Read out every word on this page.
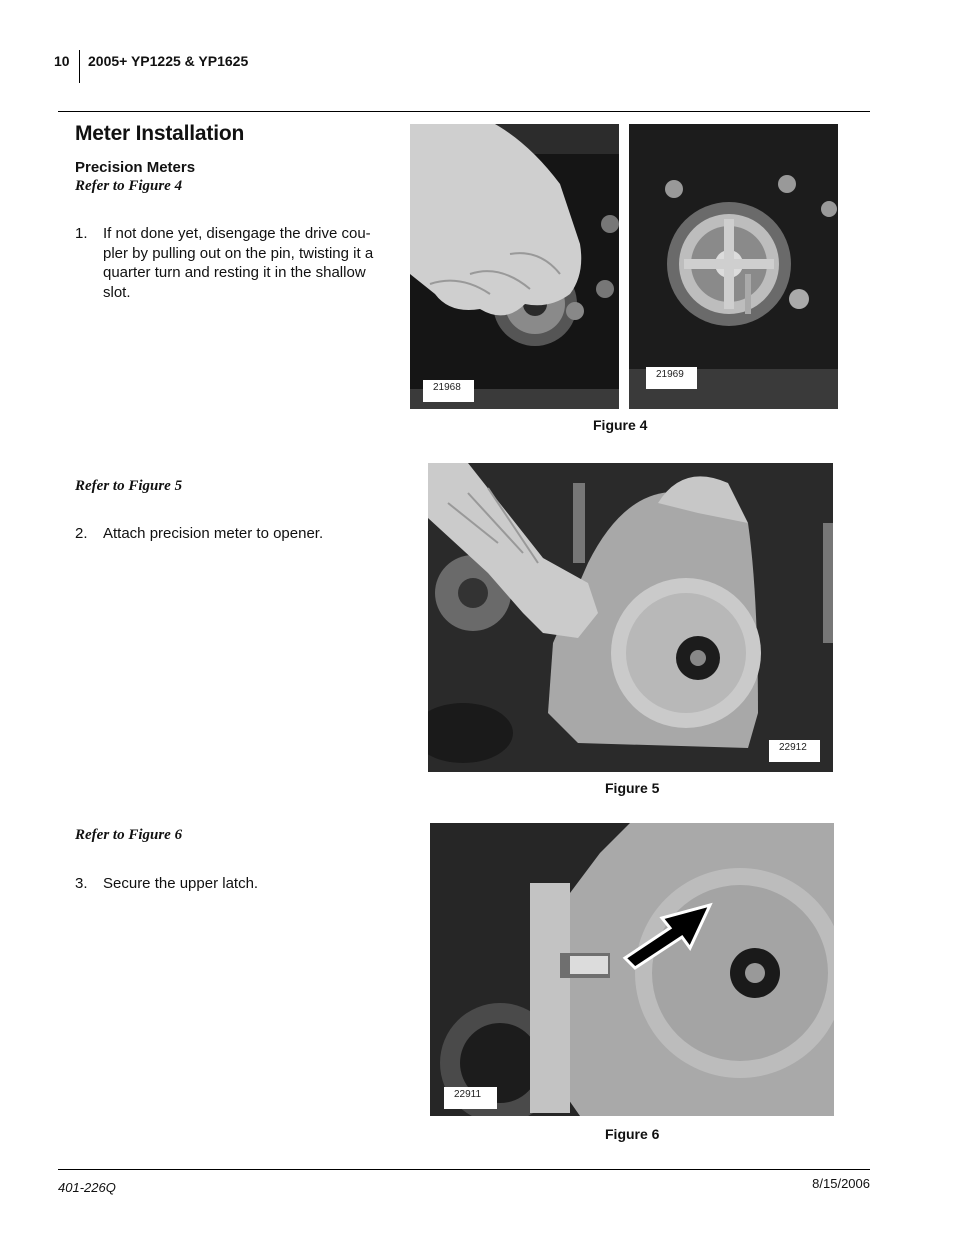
10 2005+ YP1225 & YP1625
Meter Installation
Precision Meters
Refer to Figure 4
1. If not done yet, disengage the drive cou-pler by pulling out on the pin, twisting it a quarter turn and resting it in the shallow slot.
Refer to Figure 5
2. Attach precision meter to opener.
Refer to Figure 6
3. Secure the upper latch.
21968
21969
Figure 4
22912
Figure 5
22911
Figure 6
401-226Q	8/15/2006
